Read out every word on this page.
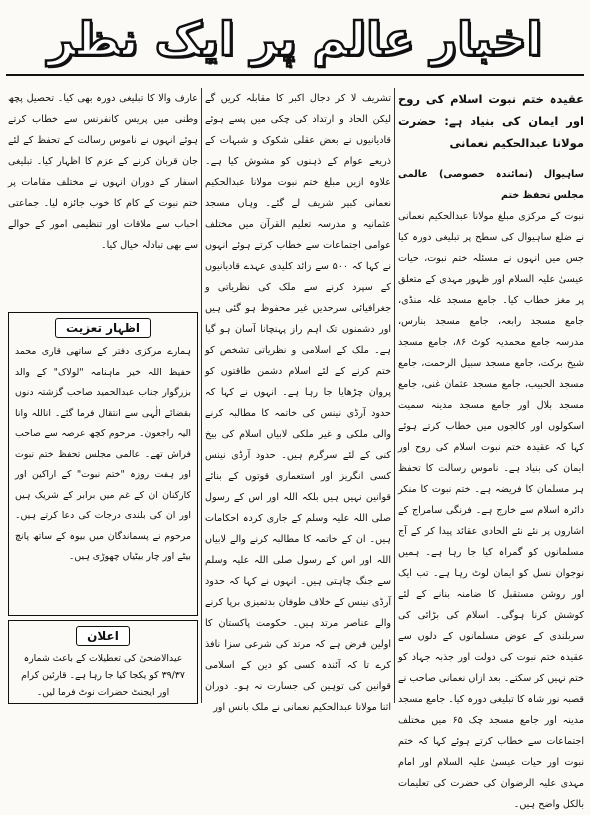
اخبار عالم پر ایک نظر
عقیدہ ختم نبوت اسلام کی روح اور ایمان کی بنیاد ہے: حضرت مولانا عبدالحکیم نعمانی

ساہیوال (نمائندہ خصوصی) عالمی مجلس تحفظ ختم

نبوت کے مرکزی مبلغ مولانا عبدالحکیم نعمانی نے ضلع ساہیوال کی سطح پر تبلیغی دورہ کیا جس میں انہوں نے مسئلہ ختم نبوت، حیات عیسیٰ علیہ السلام اور ظہور مہدی کے متعلق پر مغز خطاب کیا۔ جامع مسجد غلہ منڈی، جامع مسجد رابعہ، جامع مسجد بنارس، مدرسہ جامع محمدیہ کوٹ ۸۶، جامع مسجد شیخ برکت، جامع مسجد سبیل الرحمت، جامع مسجد الحبیب، جامع مسجد عثمان غنی، جامع مسجد بلال اور جامع مسجد مدینہ سمیت اسکولوں اور کالجوں میں خطاب کرتے ہوئے کہا کہ عقیدہ ختم نبوت اسلام کی روح اور ایمان کی بنیاد ہے۔ ناموس رسالت کا تحفظ ہر مسلمان کا فریضہ ہے۔ ختم نبوت کا منکر دائرہ اسلام سے خارج ہے۔ فرنگی سامراج کے اشاروں پر نئے نئے الحادی عقائد پیدا کر کے آج مسلمانوں کو گمراہ کیا جا رہا ہے۔ ہمیں نوجوان نسل کو ایمان لوٹ رہا ہے۔ تب ایک اور روشن مستقبل کا ضامنہ بنانے کے لئے کوشش کرنا ہوگی۔ اسلام کی بڑائی کی سربلندی کے عوض مسلمانوں کے دلوں سے عقیدہ ختم نبوت کی دولت اور جذبہ جہاد کو ختم نہیں کر سکتے۔ بعد ازاں نعمانی صاحب نے قصبہ نور شاہ کا تبلیغی دورہ کیا۔ جامع مسجد مدینہ اور جامع مسجد چک ۶۵ میں مختلف اجتماعات سے خطاب کرتے ہوئے کہا کہ ختم نبوت اور حیات عیسیٰ علیہ السلام اور امام مہدی علیہ الرضوان کی حضرت کی تعلیمات بالکل واضح ہیں۔

تشریف لا کر دجال اکبر کا مقابلہ کریں گے لیکن الحاد و ارتداد کی چکی میں پسے ہوئے قادیانیوں نے بعض عقلی شکوک و شبہات کے ذریعے عوام کے ذہنوں کو مشوش کیا ہے۔ علاوہ ازیں مبلغ ختم نبوت مولانا عبدالحکیم نعمانی کبیر شریف لے گئے۔ وہاں مسجد عثمانیہ و مدرسہ تعلیم القرآن میں مختلف عوامی اجتماعات سے خطاب کرتے ہوئے انہوں نے کہا کہ ۵۰۰ سے زائد کلیدی عہدے قادیانیوں کے سپرد کرنے سے ملک کی نظریاتی و جغرافیائی سرحدیں غیر محفوظ ہو گئی ہیں اور دشمنوں تک اہم راز پہنچانا آسان ہو گیا ہے۔ ملک کے اسلامی و نظریاتی تشخص کو ختم کرنے کے لئے اسلام دشمن طاقتوں کو پروان چڑھایا جا رہا ہے۔ انہوں نے کہا کہ حدود آرڈی نینس کی خاتمہ کا مطالبہ کرنے والی ملکی و غیر ملکی لابیاں اسلام کی بیخ کنی کے لئے سرگرم ہیں۔ حدود آرڈی نینس کسی انگریز اور استعماری قوتوں کے بنائے قوانین نہیں ہیں بلکہ اللہ اور اس کے رسول صلی اللہ علیہ وسلم کے جاری کردہ احکامات ہیں۔ ان کے خاتمہ کا مطالبہ کرنے والے لابیاں اللہ اور اس کے رسول صلی اللہ علیہ وسلم سے جنگ چاہتی ہیں۔ انہوں نے کہا کہ حدود آرڈی نینس کے خلاف طوفان بدتمیزی برپا کرنے والے عناصر مرتد ہیں۔ حکومت پاکستان کا اولین فرض ہے کہ مرتد کی شرعی سزا نافذ کرے تا کہ آئندہ کسی کو دین کے اسلامی قوانین کی توہین کی جسارت نہ ہو۔ دوران اثنا مولانا عبدالحکیم نعمانی نے ملک بانس اور

عارف والا کا تبلیغی دورہ بھی کیا۔ تحصیل پچھ وطنی میں پریس کانفرنس سے خطاب کرتے ہوئے انہوں نے ناموس رسالت کے تحفظ کے لئے جان قربان کرنے کے عزم کا اظہار کیا۔ تبلیغی اسفار کے دوران انہوں نے مختلف مقامات پر ختم نبوت کے کام کا خوب جائزہ لیا۔ جماعتی احباب سے ملاقات اور تنظیمی امور کے حوالے سے بھی تبادلہ خیال کیا۔

اظہار تعزیت
ہمارے مرکزی دفتر کے ساتھی قاری محمد حفیظ اللہ خیر ماہنامہ "لولاک" کے والد بزرگوار جناب عبدالحمید صاحب گزشتہ دنوں بقضائے الٰہی سے انتقال فرما گئے۔ اناللہ وانا الیہ راجعون۔ مرحوم کچھ عرصہ سے صاحب فراش تھے۔ عالمی مجلس تحفظ ختم نبوت اور ہفت روزہ "ختم نبوت" کے اراکین اور کارکنان ان کے غم میں برابر کے شریک ہیں اور ان کی بلندی درجات کی دعا کرتے ہیں۔ مرحوم نے پسماندگان میں بیوہ کے ساتھ پانچ بیٹے اور چار بیٹیاں چھوڑی ہیں۔
اعلان
عیدالاضحیٰ کی تعطیلات کے باعث شمارہ ۳۹/۳۷ کو یکجا کیا جا رہا ہے۔ قارئین کرام اور ایجنٹ حضرات نوٹ فرما لیں۔
